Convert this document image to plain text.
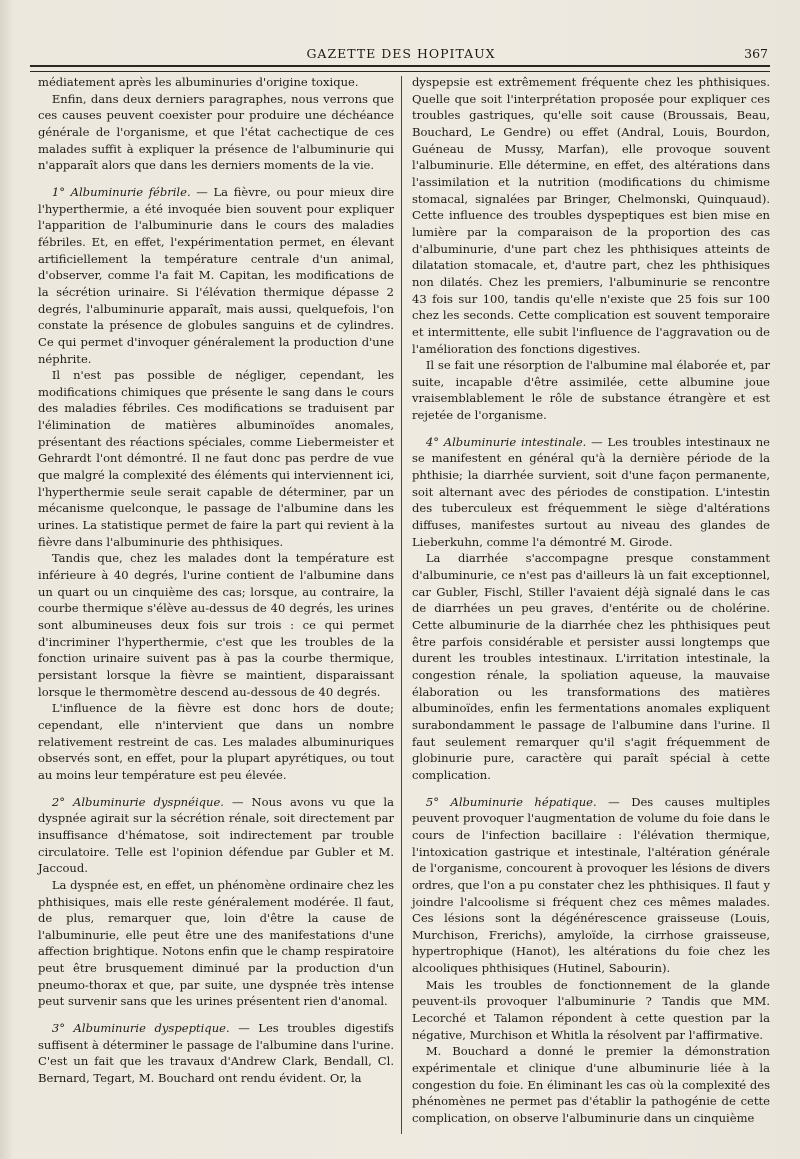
GAZETTE DES HOPITAUX	367

médiatement après les albuminuries d'origine toxique.

Enfin, dans deux derniers paragraphes, nous verrons que ces causes peuvent coexister pour produire une déchéance générale de l'organisme, et que l'état cachectique de ces malades suffit à expliquer la présence de l'albuminurie qui n'apparaît alors que dans les derniers moments de la vie.

1° Albuminurie fébrile. — La fièvre, ou pour mieux dire l'hyperthermie, a été invoquée bien souvent pour expliquer l'apparition de l'albuminurie dans le cours des maladies fébriles. Et, en effet, l'expérimentation permet, en élevant artificiellement la température centrale d'un animal, d'observer, comme l'a fait M. Capitan, les modifications de la sécrétion urinaire. Si l'élévation thermique dépasse 2 degrés, l'albuminurie apparaît, mais aussi, quelquefois, l'on constate la présence de globules sanguins et de cylindres. Ce qui permet d'invoquer généralement la production d'une néphrite.

Il n'est pas possible de négliger, cependant, les modifications chimiques que présente le sang dans le cours des maladies fébriles. Ces modifications se traduisent par l'élimination de matières albuminoïdes anomales, présentant des réactions spéciales, comme Liebermeister et Gehrardt l'ont démontré. Il ne faut donc pas perdre de vue que malgré la complexité des éléments qui interviennent ici, l'hyperthermie seule serait capable de déterminer, par un mécanisme quelconque, le passage de l'albumine dans les urines. La statistique permet de faire la part qui revient à la fièvre dans l'albuminurie des phthisiques.

Tandis que, chez les malades dont la température est inférieure à 40 degrés, l'urine contient de l'albumine dans un quart ou un cinquième des cas; lorsque, au contraire, la courbe thermique s'élève au-dessus de 40 degrés, les urines sont albumineuses deux fois sur trois : ce qui permet d'incriminer l'hyperthermie, c'est que les troubles de la fonction urinaire suivent pas à pas la courbe thermique, persistant lorsque la fièvre se maintient, disparaissant lorsque le thermomètre descend au-dessous de 40 degrés.

L'influence de la fièvre est donc hors de doute; cependant, elle n'intervient que dans un nombre relativement restreint de cas. Les malades albuminuriques observés sont, en effet, pour la plupart apyrétiques, ou tout au moins leur température est peu élevée.

2° Albuminurie dyspnéique. — Nous avons vu que la dyspnée agirait sur la sécrétion rénale, soit directement par insuffisance d'hématose, soit indirectement par trouble circulatoire. Telle est l'opinion défendue par Gubler et M. Jaccoud.

La dyspnée est, en effet, un phénomène ordinaire chez les phthisiques, mais elle reste généralement modérée. Il faut, de plus, remarquer que, loin d'être la cause de l'albuminurie, elle peut être une des manifestations d'une affection brightique. Notons enfin que le champ respiratoire peut être brusquement diminué par la production d'un pneumo-thorax et que, par suite, une dyspnée très intense peut survenir sans que les urines présentent rien d'anomal.

3° Albuminurie dyspeptique. — Les troubles digestifs suffisent à déterminer le passage de l'albumine dans l'urine. C'est un fait que les travaux d'Andrew Clark, Bendall, Cl. Bernard, Tegart, M. Bouchard ont rendu évident. Or, la

dyspepsie est extrêmement fréquente chez les phthisiques. Quelle que soit l'interprétation proposée pour expliquer ces troubles gastriques, qu'elle soit cause (Broussais, Beau, Bouchard, Le Gendre) ou effet (Andral, Louis, Bourdon, Guéneau de Mussy, Marfan), elle provoque souvent l'albuminurie. Elle détermine, en effet, des altérations dans l'assimilation et la nutrition (modifications du chimisme stomacal, signalées par Bringer, Chelmonski, Quinquaud). Cette influence des troubles dyspeptiques est bien mise en lumière par la comparaison de la proportion des cas d'albuminurie, d'une part chez les phthisiques atteints de dilatation stomacale, et, d'autre part, chez les phthisiques non dilatés. Chez les premiers, l'albuminurie se rencontre 43 fois sur 100, tandis qu'elle n'existe que 25 fois sur 100 chez les seconds. Cette complication est souvent temporaire et intermittente, elle subit l'influence de l'aggravation ou de l'amélioration des fonctions digestives.

Il se fait une résorption de l'albumine mal élaborée et, par suite, incapable d'être assimilée, cette albumine joue vraisemblablement le rôle de substance étrangère et est rejetée de l'organisme.

4° Albuminurie intestinale. — Les troubles intestinaux ne se manifestent en général qu'à la dernière période de la phthisie; la diarrhée survient, soit d'une façon permanente, soit alternant avec des périodes de constipation. L'intestin des tuberculeux est fréquemment le siège d'altérations diffuses, manifestes surtout au niveau des glandes de Lieberkuhn, comme l'a démontré M. Girode.

La diarrhée s'accompagne presque constamment d'albuminurie, ce n'est pas d'ailleurs là un fait exceptionnel, car Gubler, Fischl, Stiller l'avaient déjà signalé dans le cas de diarrhées un peu graves, d'entérite ou de cholérine. Cette albuminurie de la diarrhée chez les phthisiques peut être parfois considérable et persister aussi longtemps que durent les troubles intestinaux. L'irritation intestinale, la congestion rénale, la spoliation aqueuse, la mauvaise élaboration ou les transformations des matières albuminoïdes, enfin les fermentations anomales expliquent surabondamment le passage de l'albumine dans l'urine. Il faut seulement remarquer qu'il s'agit fréquemment de globinurie pure, caractère qui paraît spécial à cette complication.

5° Albuminurie hépatique. — Des causes multiples peuvent provoquer l'augmentation de volume du foie dans le cours de l'infection bacillaire : l'élévation thermique, l'intoxication gastrique et intestinale, l'altération générale de l'organisme, concourent à provoquer les lésions de divers ordres, que l'on a pu constater chez les phthisiques. Il faut y joindre l'alcoolisme si fréquent chez ces mêmes malades. Ces lésions sont la dégénérescence graisseuse (Louis, Murchison, Frerichs), amyloïde, la cirrhose graisseuse, hypertrophique (Hanot), les altérations du foie chez les alcooliques phthisiques (Hutinel, Sabourin).

Mais les troubles de fonctionnement de la glande peuvent-ils provoquer l'albuminurie ? Tandis que MM. Lecorché et Talamon répondent à cette question par la négative, Murchison et Whitla la résolvent par l'affirmative.

M. Bouchard a donné le premier la démonstration expérimentale et clinique d'une albuminurie liée à la congestion du foie. En éliminant les cas où la complexité des phénomènes ne permet pas d'établir la pathogénie de cette complication, on observe l'albuminurie dans un cinquième
